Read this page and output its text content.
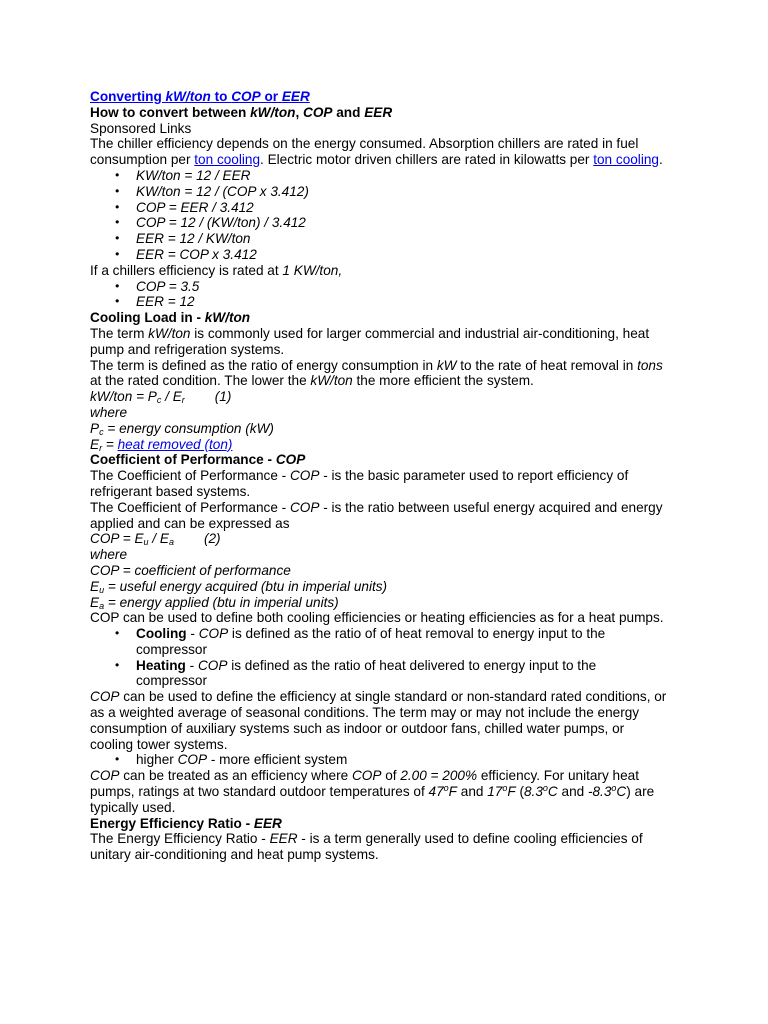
Converting kW/ton to COP or EER
How to convert between kW/ton, COP and EER
Sponsored Links
The chiller efficiency depends on the energy consumed. Absorption chillers are rated in fuel
consumption per ton cooling. Electric motor driven chillers are rated in kilowatts per ton cooling.
• KW/ton = 12 / EER
• KW/ton = 12 / (COP x 3.412)
• COP = EER / 3.412
• COP = 12 / (KW/ton) / 3.412
• EER = 12 / KW/ton
• EER = COP x 3.412
If a chillers efficiency is rated at 1 KW/ton,
• COP = 3.5
• EER = 12
Cooling Load in - kW/ton
The term kW/ton is commonly used for larger commercial and industrial air-conditioning, heat
pump and refrigeration systems.
The term is defined as the ratio of energy consumption in kW to the rate of heat removal in tons
at the rated condition. The lower the kW/ton the more efficient the system.
$kW/ton = P_c / E_r$ (1)
where
$P_c$ = energy consumption (kW)
$E_r$ = heat removed (ton)
Coefficient of Performance - COP
The Coefficient of Performance - COP - is the basic parameter used to report efficiency of
refrigerant based systems.
The Coefficient of Performance - COP - is the ratio between useful energy acquired and energy
applied and can be expressed as
COP = $E_u / E_a$ (2)
where
COP = coefficient of performance
$E_u$ = useful energy acquired (btu in imperial units)
$E_a$ = energy applied (btu in imperial units)
COP can be used to define both cooling efficiencies or heating efficiencies as for a heat pumps.
• Cooling - COP is defined as the ratio of of heat removal to energy input to the
compressor
• Heating - COP is defined as the ratio of heat delivered to energy input to the
compressor
COP can be used to define the efficiency at single standard or non-standard rated conditions, or
as a weighted average of seasonal conditions. The term may or may not include the energy
consumption of auxiliary systems such as indoor or outdoor fans, chilled water pumps, or
cooling tower systems.
• higher COP - more efficient system
COP can be treated as an efficiency where COP of 2.00 = 200% efficiency. For unitary heat
pumps, ratings at two standard outdoor temperatures of 47$^o$F and 17$^o$F (8.3$^o$C and -8.3$^o$C) are
typically used.
Energy Efficiency Ratio - EER
The Energy Efficiency Ratio - EER - is a term generally used to define cooling efficiencies of
unitary air-conditioning and heat pump systems.
